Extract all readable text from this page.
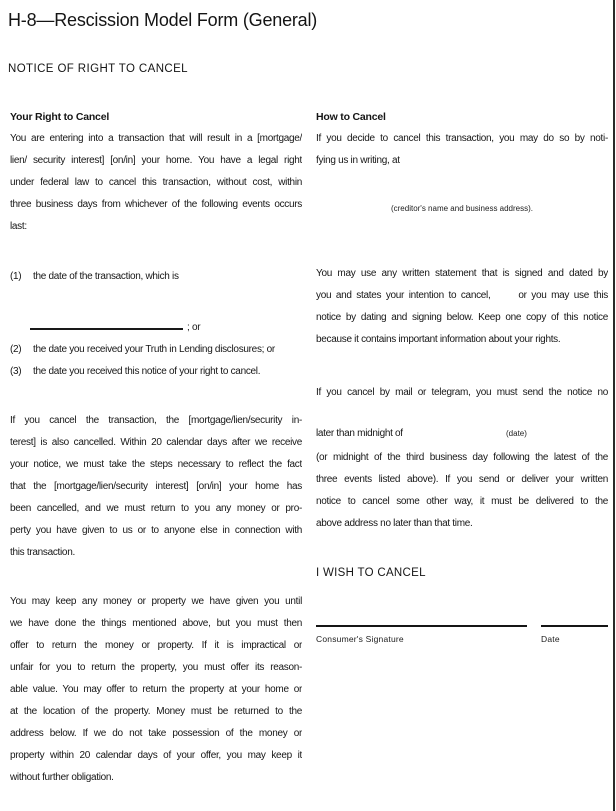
H-8—Rescission Model Form (General)
NOTICE OF RIGHT TO CANCEL
Your Right to Cancel
You are entering into a transaction that will result in a [mortgage/
lien/ security interest] [on/in] your home. You have a legal right
under federal law to cancel this transaction, without cost, within
three business days from whichever of the following events occurs
last:
(1)	the date of the transaction, which is
; or
(2)	the date you received your Truth in Lending disclosures; or
(3)	the date you received this notice of your right to cancel.
If you cancel the transaction, the [mortgage/lien/security in-
terest] is also cancelled. Within 20 calendar days after we receive
your notice, we must take the steps necessary to reflect the fact
that the [mortgage/lien/security interest] [on/in] your home has
been cancelled, and we must return to you any money or pro-
perty you have given to us or to anyone else in connection with
this transaction.
You may keep any money or property we have given you until
we have done the things mentioned above, but you must then
offer to return the money or property. If it is impractical or
unfair for you to return the property, you must offer its reason-
able value. You may offer to return the property at your home or
at the location of the property. Money must be returned to the
address below. If we do not take possession of the money or
property within 20 calendar days of your offer, you may keep it
without further obligation.
How to Cancel
If you decide to cancel this transaction, you may do so by noti-
fying us in writing, at
(creditor's name and business address).
You may use any written statement that is signed and dated by
you and states your intention to cancel,      or you may use this
notice by dating and signing below. Keep one copy of this notice
because it contains important information about your rights.
If you cancel by mail or telegram, you must send the notice no
later than midnight of	(date)
(or midnight of the third business day following the latest of the
three events listed above). If you send or deliver your written
notice to cancel some other way, it must be delivered to the
above address no later than that time.
I WISH TO CANCEL
Consumer's Signature	Date
